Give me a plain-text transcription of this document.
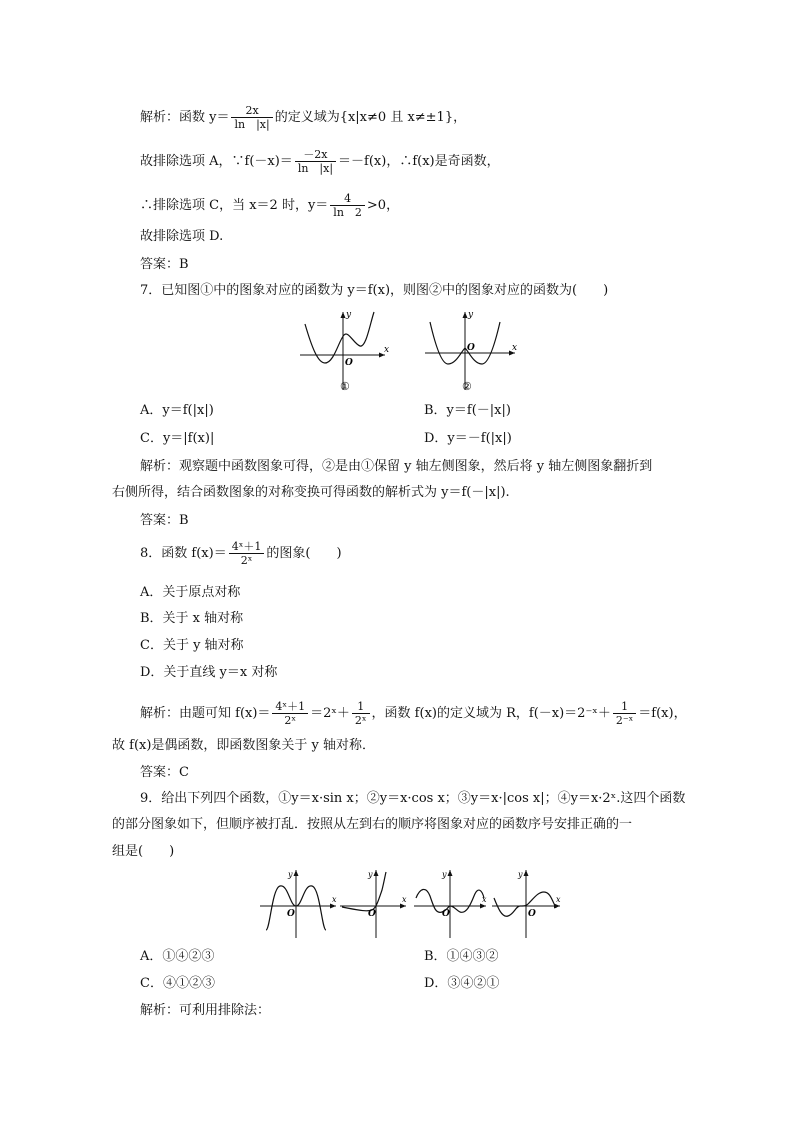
解析：函数 $y= \frac{2x}{\ln |x|}$ 的定义域为{x|x≠0 且 x≠±1}，
故排除选项 A，∵f(－x)＝ $\frac{-2x}{\ln |x|} =-f(x)$，∴f(x)是奇函数，
∴排除选项 C，当 x＝2 时，$y= \frac{4}{\ln 2} >0$，
故排除选项 D.
答案：B
7．已知图①中的图象对应的函数为 y＝f(x)，则图②中的图象对应的函数为(　　)
x
y
O
①
x
y
O
②
A．y＝f(|x|)	B．y＝f(－|x|)
C．y＝|f(x)|	D．y＝－f(|x|)
解析：观察题中函数图象可得，②是由①保留 y 轴左侧图象，然后将 y 轴左侧图象翻折到
右侧所得，结合函数图象的对称变换可得函数的解析式为 y＝f(－|x|).
答案：B
8．函数 $f(x)= \frac{\text{4ˣ＋1}}{\text{2ˣ}}$ 的图象(　　)
A．关于原点对称
B．关于 x 轴对称
C．关于 y 轴对称
D．关于直线 y＝x 对称
解析：由题可知 $f(x)= \frac{\text{4ˣ＋1}}{\text{2ˣ}}$ ＝2ˣ＋ $\frac{1}{\text{2ˣ}}$ ，函数 f(x)的定义域为 R，f(－x)＝2⁻ˣ＋ $\frac{1}{\text{2⁻ˣ}} =f(x)$，
故 f(x)是偶函数，即函数图象关于 y 轴对称．
答案：C
9．给出下列四个函数，①y＝x·sin x；②y＝x·cos x；③y＝x·|cos x|；④y＝x·2ˣ.这四个函数
的部分图象如下，但顺序被打乱．按照从左到右的顺序将图象对应的函数序号安排正确的一
组是(　　)
x
y
O
x
y
O
x
y
O
x
y
O
A．①④②③	B．①④③②
C．④①②③	D．③④②①
解析：可利用排除法：
